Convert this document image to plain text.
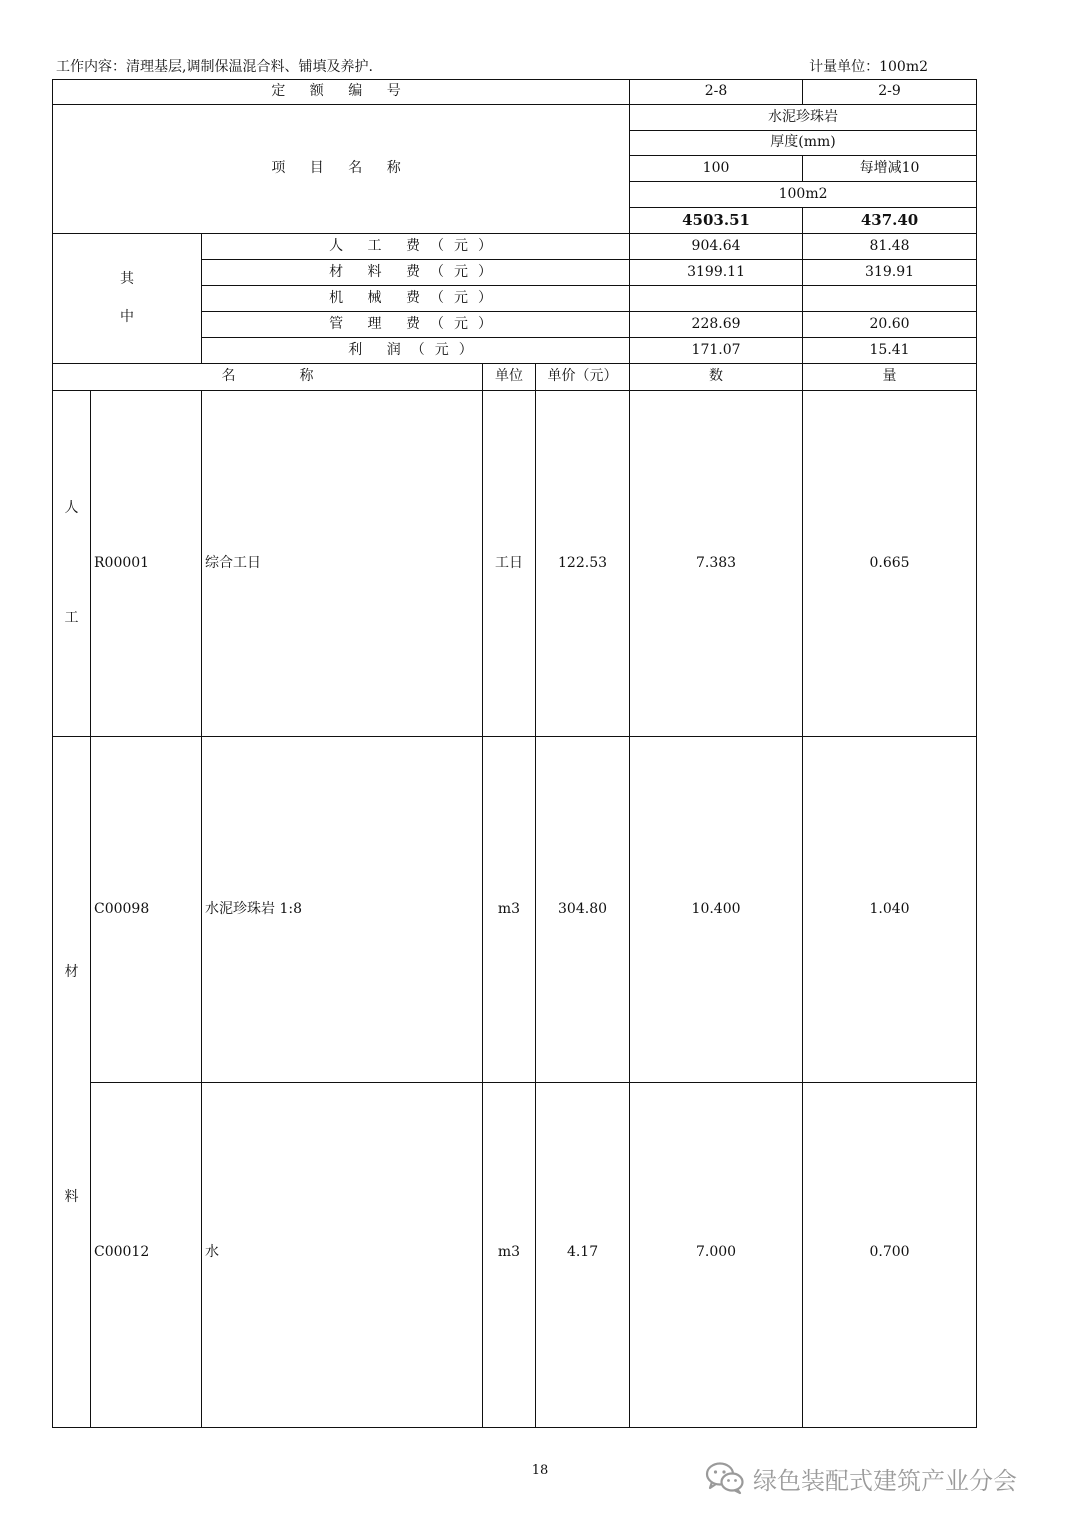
工作内容：清理基层,调制保温混合料、铺填及养护.	计量单位：100m2
定 额 编 号					2-8	2-9
项 目 名 称					水泥珍珠岩	
					厚度(mm)	
					100	每增减10
					100m2	
					4503.51	437.40

其
中		人 工 费（元）			904.64	81.48
		材 料 费（元）			3199.11	319.91
		机 械 费（元）				
		管 理 费（元）			228.69	20.60
		利 润（元）			171.07	15.41
名 称			单位	单价（元）	数	量

人
工	R00001	综合工日	工日	122.53	7.383	0.665

材
料	C00098	水泥珍珠岩 1:8	m3	304.80	10.400	1.040

	C00012	水	m3	4.17	7.000	0.700
18	绿色装配式建筑产业分会
